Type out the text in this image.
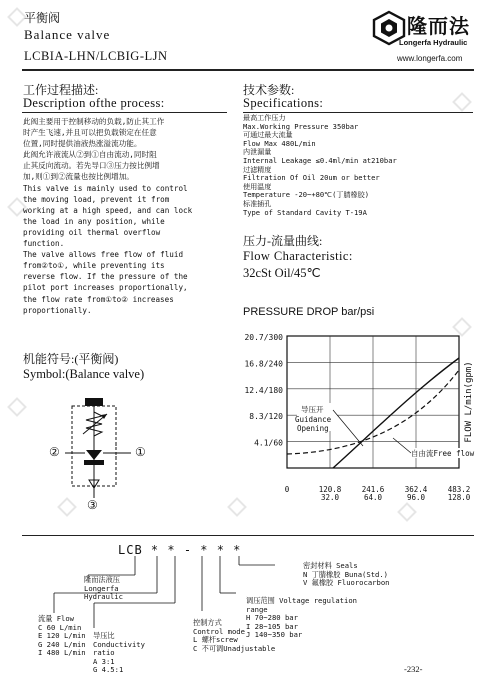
平衡阀
Balance valve
LCBIA-LHN/LCBIG-LJN
隆而法
Longerfa Hydraulic
www.longerfa.com
工作过程描述:
Description ofthe process:
此阀主要用于控制移动的负载,防止其工作
时产生飞速,并且可以把负载锁定在任意
位置,同时提供油液热涨溢流功能。
此阀允许液流从②到①自由流动,同时阻
止其反向流动。若先导口③压力按比例增
加,则①到②流量也按比例增加。
This valve is mainly used to control
the moving load, prevent it from
working at a high speed, and can lock
the load in any position, while
providing oil thermal overflow
function.
The valve allows free flow of fluid
from②to①, while preventing its
reverse flow. If the pressure of the
pilot port increases proportionally,
the flow rate from①to② increases
proportionally.
机能符号:(平衡阀)
Symbol:(Balance valve)
②	①
③
技术参数:
Specifications:
最高工作压力
Max.Working Pressure 350bar
可通过最大流量
Flow Max 480L/min
内泄漏量
Internal Leakage ≤0.4ml/min at210bar
过滤精度
Filtration Of Oil 20um or better
使用温度
Temperature -20~+80℃(丁腈橡胶)
标准插孔
Type of Standard Cavity T-19A
压力-流量曲线:
Flow Characteristic:
32cSt Oil/45℃
PRESSURE DROP bar/psi
20.7/300
16.8/240
12.4/180
8.3/120
4.1/60
0	120.8	241.6	362.4	483.2
32.0	64.0	96.0	128.0
FLOW L/min(gpm)
导压开
Guidance
Opening
自由流Free flow
LCB * * - * * *
隆而法液压
Longerfa
Hydraulic
流量 Flow
C 60 L/min
E 120 L/min
G 240 L/min
I 480 L/min
导压比
Conductivity
ratio
A 3:1
G 4.5:1
控制方式
Control mode
L 螺杆screw
C 不可调Unadjustable
调压范围 Voltage regulation
range
H 70~280 bar
I 28~105 bar
J 140~350 bar
密封材料 Seals
N 丁腈橡胶 Buna(Std.)
V 氟橡胶 Fluorocarbon
-232-
